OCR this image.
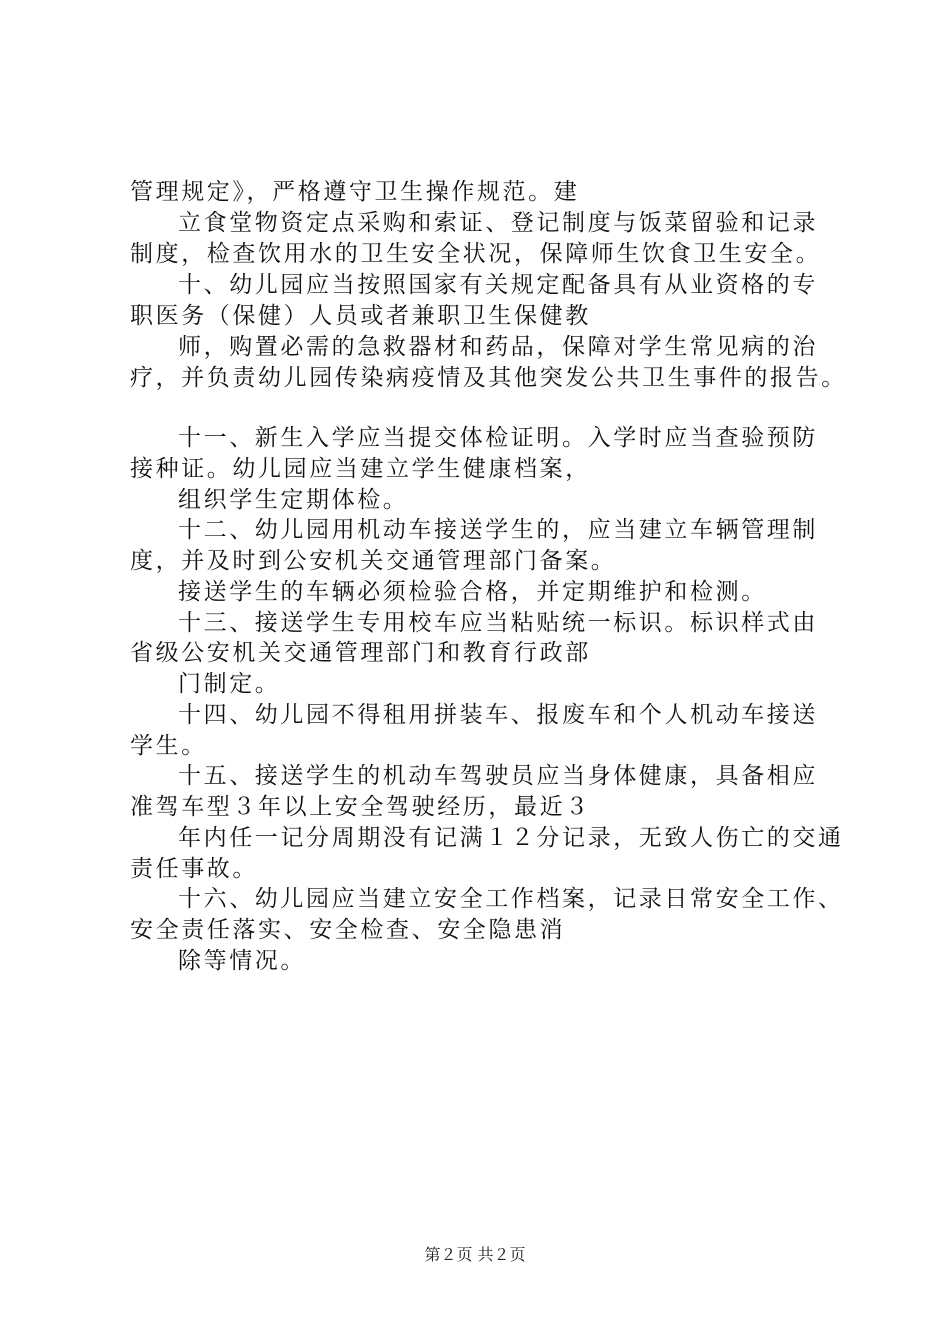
管理规定》，严格遵守卫生操作规范。建
立食堂物资定点采购和索证、登记制度与饭菜留验和记录
制度，检查饮用水的卫生安全状况，保障师生饮食卫生安全。
十、幼儿园应当按照国家有关规定配备具有从业资格的专
职医务（保健）人员或者兼职卫生保健教
师，购置必需的急救器材和药品，保障对学生常见病的治
疗，并负责幼儿园传染病疫情及其他突发公共卫生事件的报告。
十一、新生入学应当提交体检证明。入学时应当查验预防
接种证。幼儿园应当建立学生健康档案，
组织学生定期体检。
十二、幼儿园用机动车接送学生的，应当建立车辆管理制
度，并及时到公安机关交通管理部门备案。
接送学生的车辆必须检验合格，并定期维护和检测。
十三、接送学生专用校车应当粘贴统一标识。标识样式由
省级公安机关交通管理部门和教育行政部
门制定。
十四、幼儿园不得租用拼装车、报废车和个人机动车接送
学生。
十五、接送学生的机动车驾驶员应当身体健康，具备相应
准驾车型３年以上安全驾驶经历，最近３
年内任一记分周期没有记满１２分记录，无致人伤亡的交通
责任事故。
十六、幼儿园应当建立安全工作档案，记录日常安全工作、
安全责任落实、安全检查、安全隐患消
除等情况。
第２页 共２页
